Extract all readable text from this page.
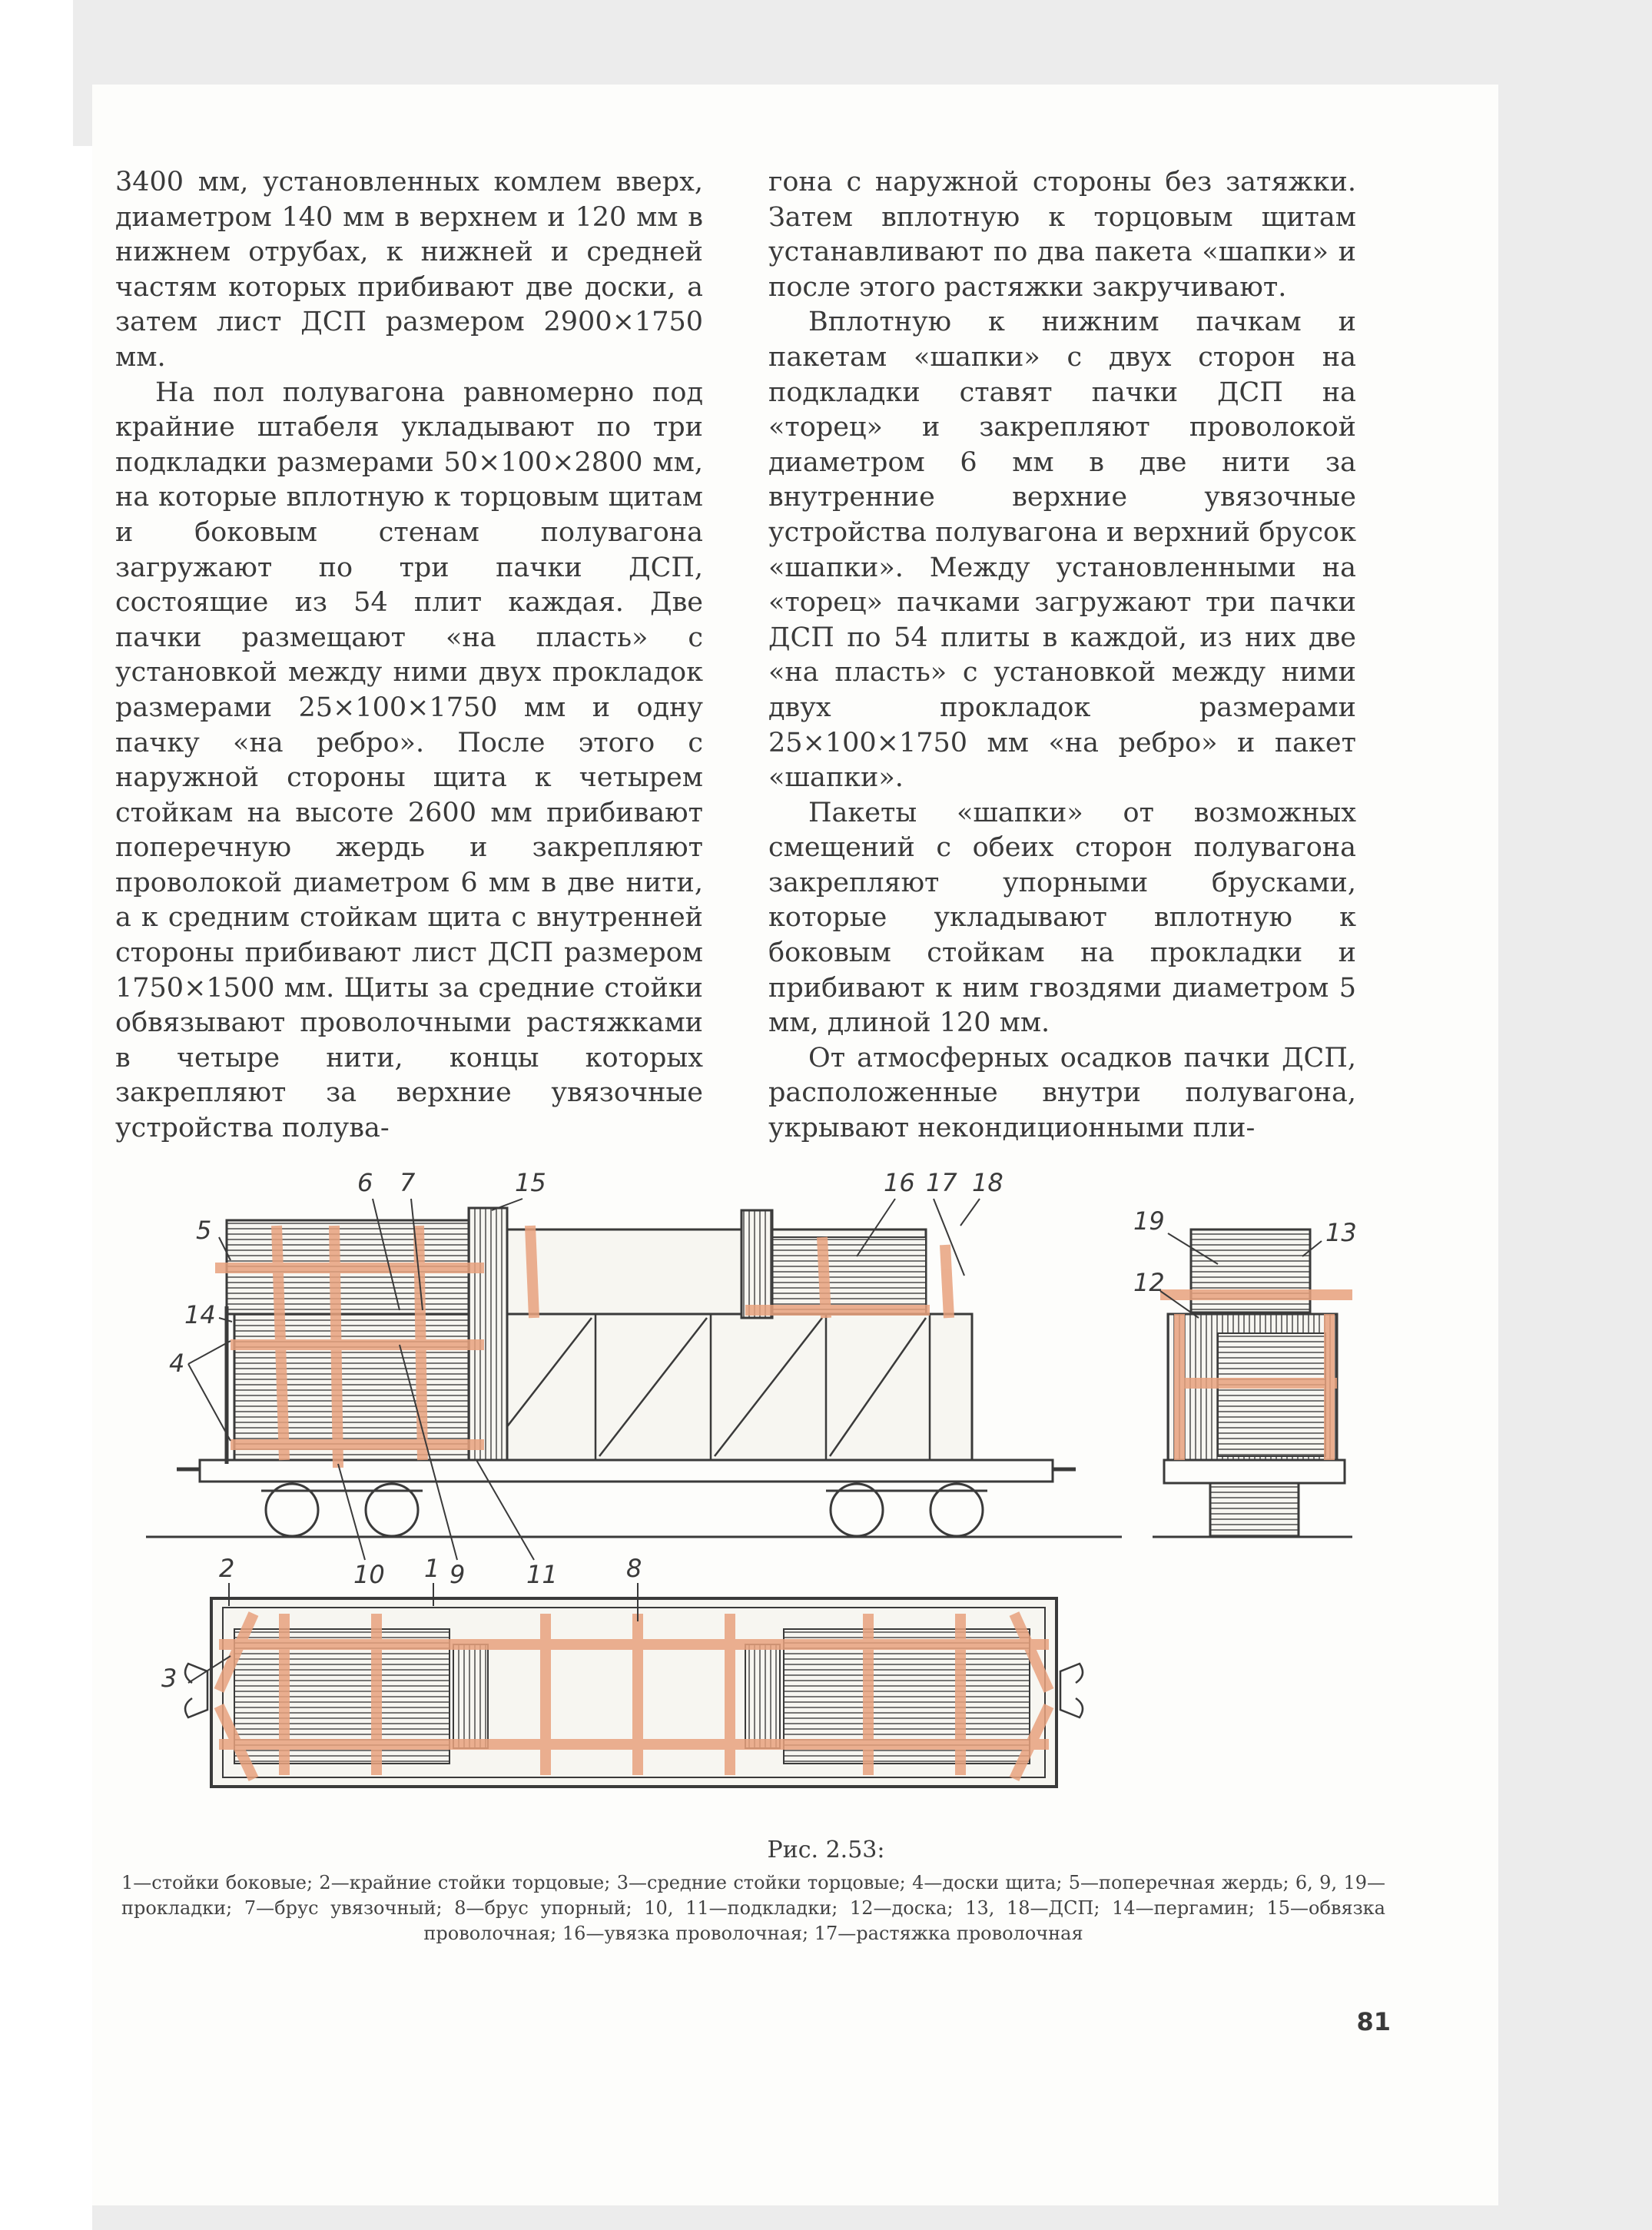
3400 мм, установленных комлем вверх, диаметром 140 мм в верхнем и 120 мм в нижнем отрубах, к нижней и средней частям которых прибивают две доски, а затем лист ДСП размером 2900×1750 мм.

На пол полувагона равномерно под крайние штабеля укладывают по три подкладки размерами 50×100×2800 мм, на которые вплотную к торцовым щитам и боковым стенам полувагона загружают по три пачки ДСП, состоящие из 54 плит каждая. Две пачки размещают «на пласть» с установкой между ними двух прокладок размерами 25×100×1750 мм и одну пачку «на ребро». После этого с наружной стороны щита к четырем стойкам на высоте 2600 мм прибивают поперечную жердь и закрепляют проволокой диаметром 6 мм в две нити, а к средним стойкам щита с внутренней стороны прибивают лист ДСП размером 1750×1500 мм. Щиты за средние стойки обвязывают проволочными растяжками в четыре нити, концы которых закрепляют за верхние увязочные устройства полува-

гона с наружной стороны без затяжки. Затем вплотную к торцовым щитам устанавливают по два пакета «шапки» и после этого растяжки закручивают.

Вплотную к нижним пачкам и пакетам «шапки» с двух сторон на подкладки ставят пачки ДСП на «торец» и закрепляют проволокой диаметром 6 мм в две нити за внутренние верхние увязочные устройства полувагона и верхний брусок «шапки». Между установленными на «торец» пачками загружают три пачки ДСП по 54 плиты в каждой, из них две «на пласть» с установкой между ними двух прокладок размерами 25×100×1750 мм «на ребро» и пакет «шапки».

Пакеты «шапки» от возможных смещений с обеих сторон полувагона закрепляют упорными брусками, которые укладывают вплотную к боковым стойкам на прокладки и прибивают к ним гвоздями диаметром 5 мм, длиной 120 мм.

От атмосферных осадков пачки ДСП, расположенные внутри полувагона, укрывают некондиционными пли-

6 7	15	16 17 18
5
14
4
10	9 11
19	13
12
2	1	8
3
Рис. 2.53:
1—стойки боковые; 2—крайние стойки торцовые; 3—средние стойки торцовые; 4—доски щита; 5—поперечная жердь; 6, 9, 19—прокладки; 7—брус увязочный; 8—брус упорный; 10, 11—подкладки; 12—доска; 13, 18—ДСП; 14—пергамин; 15—обвязка проволочная; 16—увязка проволочная; 17—растяжка проволочная
81
